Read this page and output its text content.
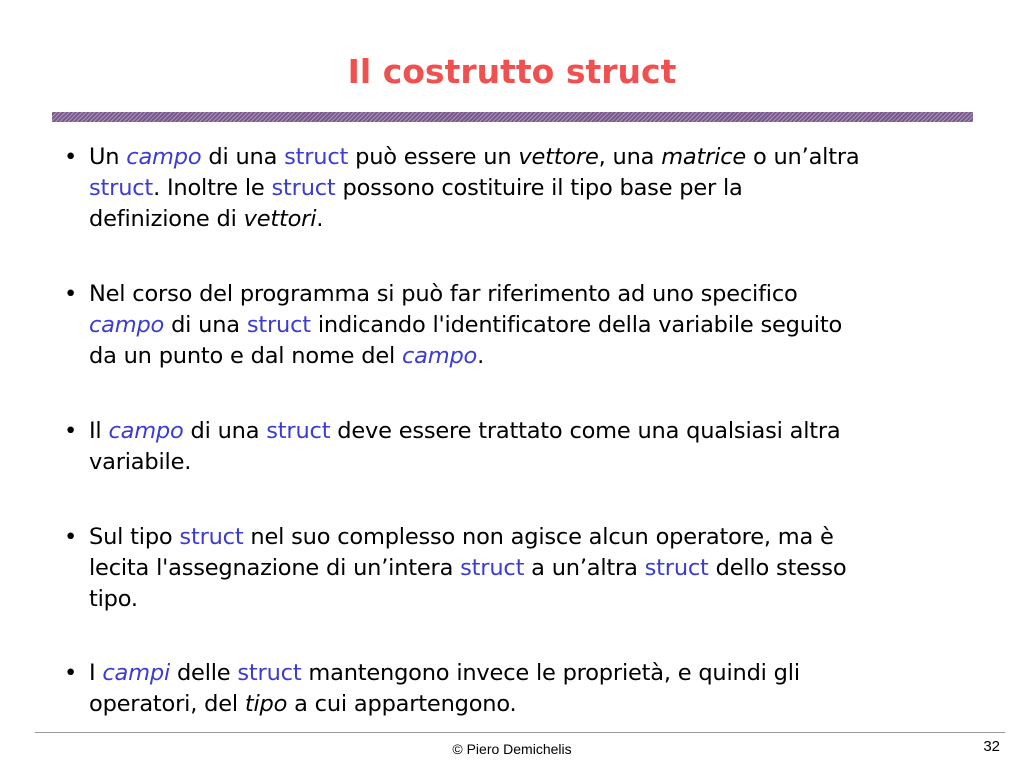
Il costrutto struct
• Un campo di una struct può essere un vettore, una matrice o un’altra
struct. Inoltre le struct possono costituire il tipo base per la
definizione di vettori.
• Nel corso del programma si può far riferimento ad uno specifico
campo di una struct indicando l'identificatore della variabile seguito
da un punto e dal nome del campo.
• Il campo di una struct deve essere trattato come una qualsiasi altra
variabile.
• Sul tipo struct nel suo complesso non agisce alcun operatore, ma è
lecita l'assegnazione di un’intera struct a un’altra struct dello stesso
tipo.
• I campi delle struct mantengono invece le proprietà, e quindi gli
operatori, del tipo a cui appartengono.
© Piero Demichelis	32
